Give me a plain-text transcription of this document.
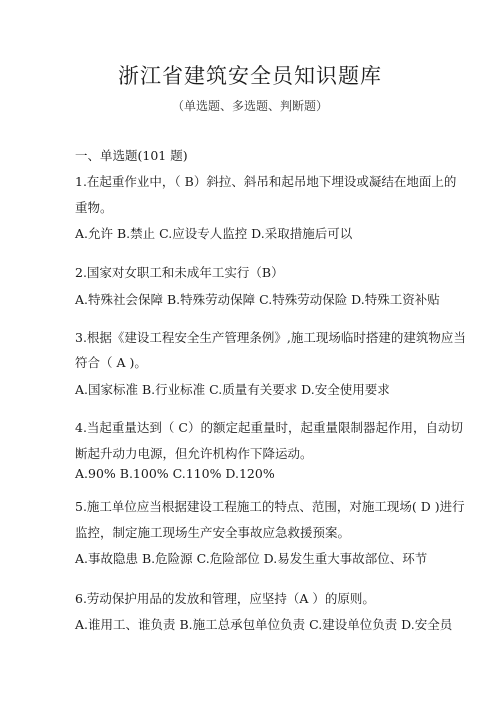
浙江省建筑安全员知识题库
（单选题、多选题、判断题）
一、单选题(101 题)
1.在起重作业中，（ B）斜拉、斜吊和起吊地下埋设或凝结在地面上的
重物。
A.允许 B.禁止 C.应设专人监控 D.采取措施后可以
2.国家对女职工和未成年工实行（B）
A.特殊社会保障 B.特殊劳动保障 C.特殊劳动保险 D.特殊工资补贴
3.根据《建设工程安全生产管理条例》,施工现场临时搭建的建筑物应当
符合（ A )。
A.国家标准 B.行业标准 C.质量有关要求 D.安全使用要求
4.当起重量达到（ C）的额定起重量时，起重量限制器起作用，自动切
断起升动力电源，但允许机构作下降运动。
A.90% B.100% C.110% D.120%
5.施工单位应当根据建设工程施工的特点、范围，对施工现场( D )进行
监控，制定施工现场生产安全事故应急救援预案。
A.事故隐患 B.危险源 C.危险部位 D.易发生重大事故部位、环节
6.劳动保护用品的发放和管理，应坚持（A ）的原则。
A.谁用工、谁负责 B.施工总承包单位负责 C.建设单位负责 D.安全员
